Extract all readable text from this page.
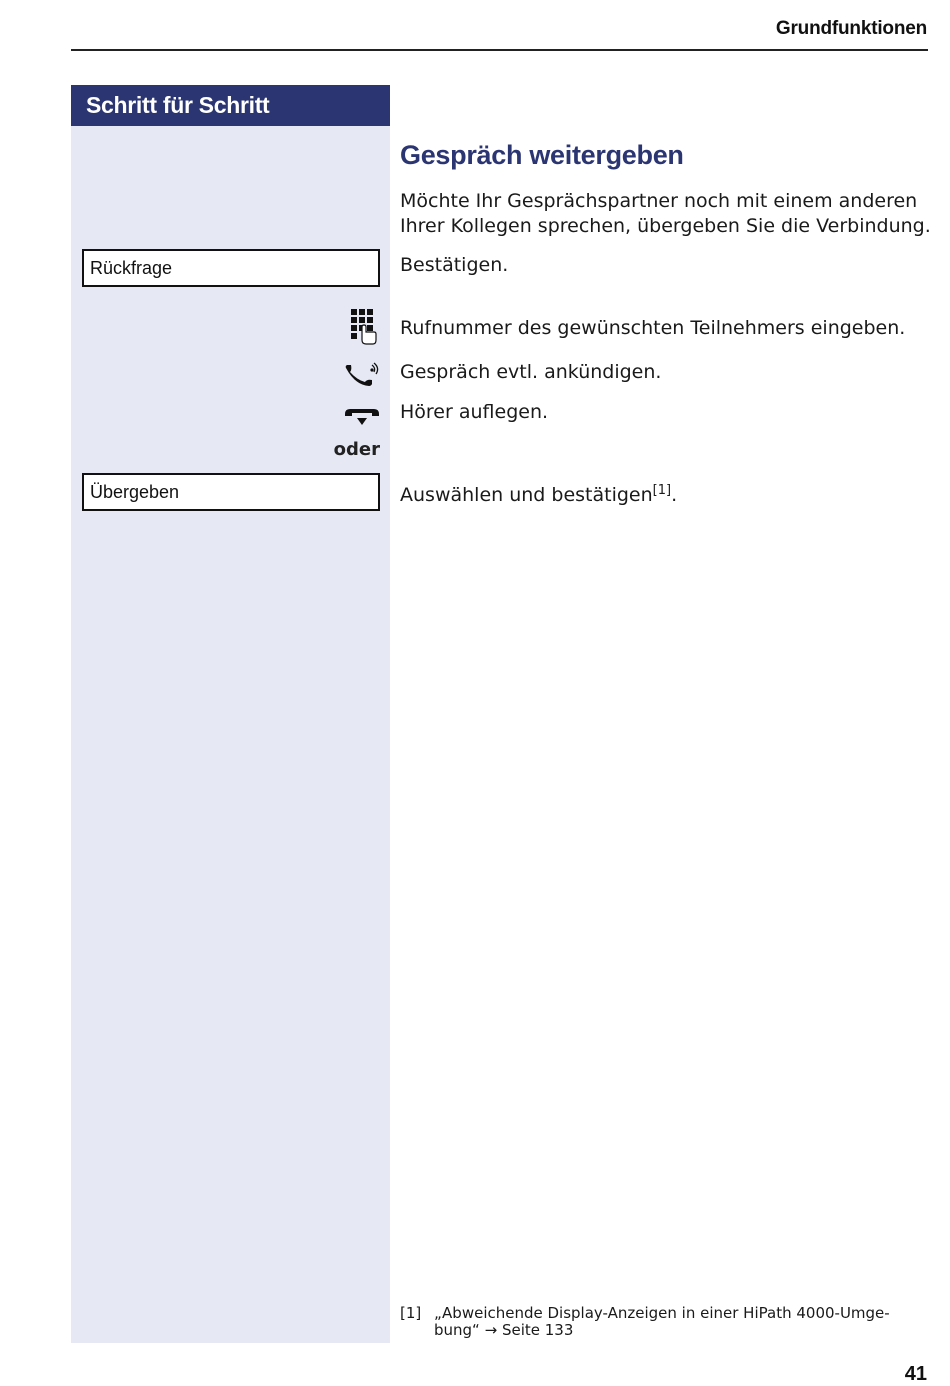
Grundfunktionen
Schritt für Schritt
Rückfrage
oder
Übergeben
Gespräch weitergeben
Möchte Ihr Gesprächspartner noch mit einem anderen
Ihrer Kollegen sprechen, übergeben Sie die Verbindung.
Bestätigen.
Rufnummer des gewünschten Teilnehmers eingeben.
Gespräch evtl. ankündigen.
Hörer auflegen.
Auswählen und bestätigen[1].
[1] „Abweichende Display-Anzeigen in einer HiPath 4000-Umge-
bung“ → Seite 133
41
